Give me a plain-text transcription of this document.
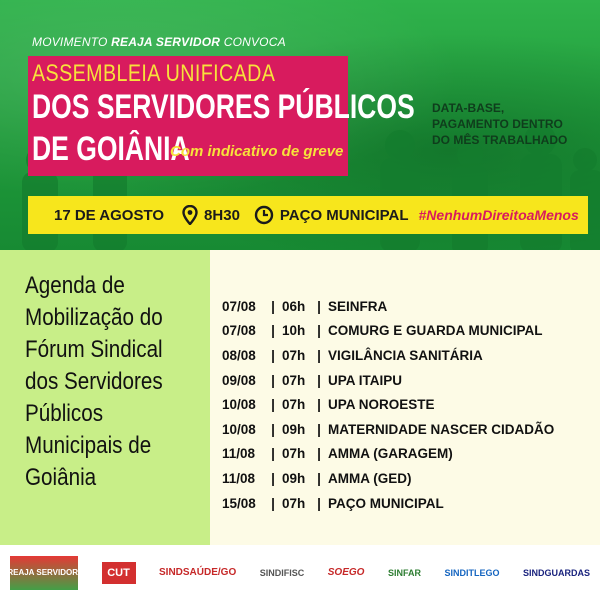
MOVIMENTO REAJA SERVIDOR CONVOCA
ASSEMBLEIA UNIFICADA
DOS SERVIDORES PÚBLICOS
DE GOIÂNIA
Com indicativo de greve
DATA-BASE,
PAGAMENTO DENTRO
DO MÊS TRABALHADO
17 DE AGOSTO	8H30	PAÇO MUNICIPAL #NenhumDireitoaMenos
Agenda de
Mobilização do
Fórum Sindical
dos Servidores
Públicos
Municipais de
Goiânia
07/08	| 06h | SEINFRA
07/08	| 10h | COMURG E GUARDA MUNICIPAL
08/08	| 07h | VIGILÂNCIA SANITÁRIA
09/08	| 07h | UPA ITAIPU
10/08	| 07h | UPA NOROESTE
10/08	| 09h | MATERNIDADE NASCER CIDADÃO
11/08	| 07h | AMMA (GARAGEM)
11/08	| 09h | AMMA (GED)
15/08	| 07h | PAÇO MUNICIPAL
REAJA SERVIDOR! CUT	SINDSAÚDE/GO	SINDIFISC SOEGO	SINFAR	SINDITLEGO	SINDGUARDAS
